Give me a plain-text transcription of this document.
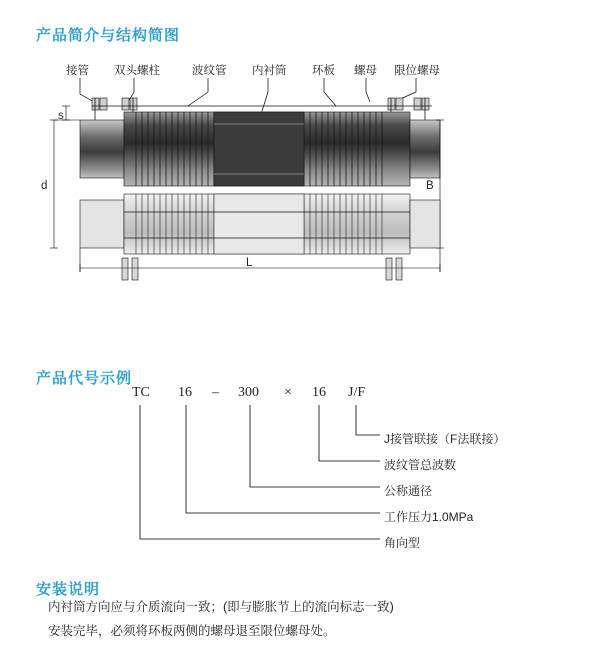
产品简介与结构简图
接管 双头螺柱	波纹管 内衬筒 环板 螺母 限位螺母
s
d	B
L
产品代号示例
TC 16 – 300 × 16 J/F
J接管联接（F法联接）
波纹管总波数
公称通径
工作压力1.0MPa
角向型
安装说明

内衬筒方向应与介质流向一致；(即与膨胀节上的流向标志一致)

安装完毕，必须将环板两侧的螺母退至限位螺母处。
